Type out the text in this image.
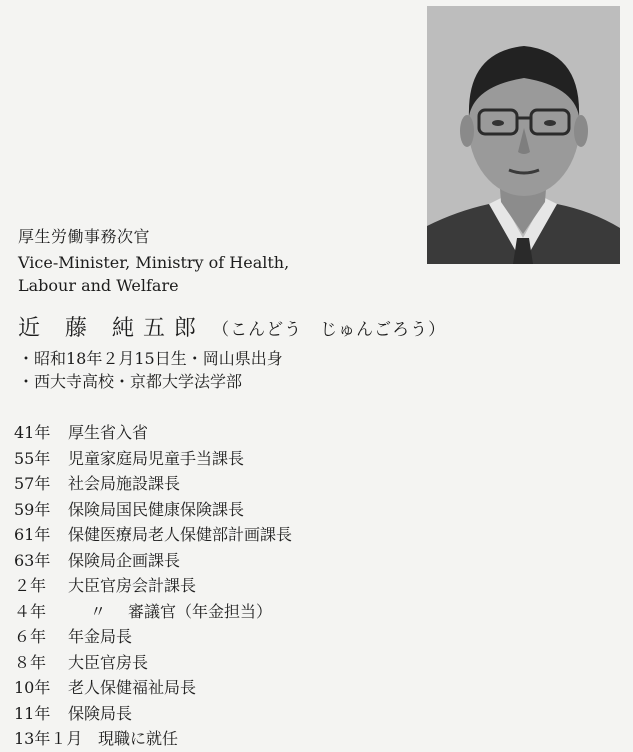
厚生労働事務次官
Vice-Minister, Ministry of Health, Labour and Welfare
近 藤 純五郎 （こんどう じゅんごろう）
・昭和18年２月15日生・岡山県出身
・西大寺高校・京都大学法学部
41年	厚生省入省
55年	児童家庭局児童手当課長
57年	社会局施設課長
59年	保険局国民健康保険課長
61年	保健医療局老人保健部計画課長
63年	保険局企画課長
２年	大臣官房会計課長
４年	〃	審議官（年金担当）
６年	年金局長
８年	大臣官房長
10年	老人保健福祉局長
11年	保険局長
13年１月 現職に就任
